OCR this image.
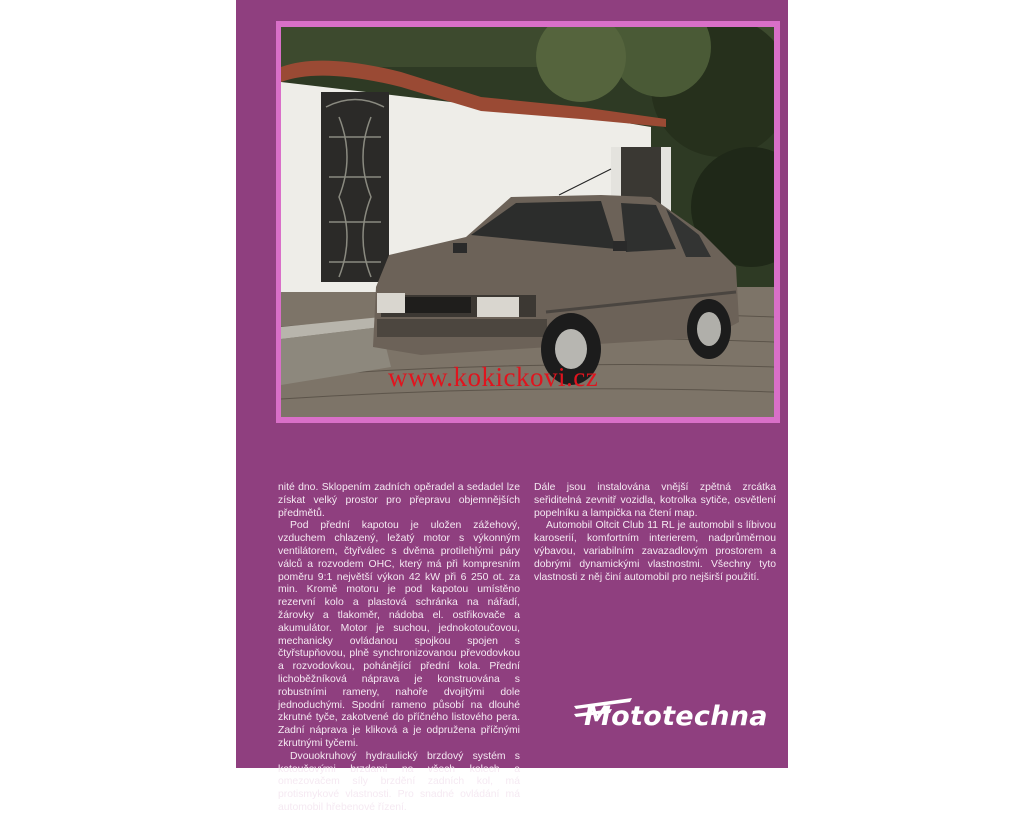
www.kokickovi.cz

nité dno. Sklopením zadních opěradel a sedadel lze získat velký prostor pro přepravu objemnějších předmětů.

Pod přední kapotou je uložen zážehový, vzduchem chlazený, ležatý motor s výkonným ventilátorem, čtyřválec s dvěma protilehlými páry válců a rozvodem OHC, který má při kompresním poměru 9:1 největší výkon 42 kW při 6 250 ot. za min. Kromě motoru je pod kapotou umístěno rezervní kolo a plastová schránka na nářadí, žárovky a tlakoměr, nádoba el. ostřikovače a akumulátor. Motor je suchou, jednokotoučovou, mechanicky ovládanou spojkou spojen s čtyřstupňovou, plně synchronizovanou převodovkou a rozvodovkou, pohánějící přední kola. Přední lichoběžníková náprava je konstruována s robustními rameny, nahoře dvojitými dole jednoduchými. Spodní rameno působí na dlouhé zkrutné tyče, zakotvené do příčného listového pera. Zadní náprava je kliková a je odpružena příčnými zkrutnými tyčemi.

Dvouokruhový hydraulický brzdový systém s kotoučovými brzdami na všech kolech a omezovačem síly brzdění zadních kol, má protismykové vlastnosti. Pro snadné ovládání má automobil hřebenové řízení.

Dále jsou instalována vnější zpětná zrcátka seřiditelná zevnitř vozidla, kotrolka sytiče, osvětlení popelníku a lampička na čtení map.

Automobil Oltcit Club 11 RL je automobil s líbivou karoserií, komfortním interierem, nadprůměrnou výbavou, variabilním zavazadlovým prostorem a dobrými dynamickými vlastnostmi. Všechny tyto vlastnosti z něj činí automobil pro nejširší použití.

Mototechna
